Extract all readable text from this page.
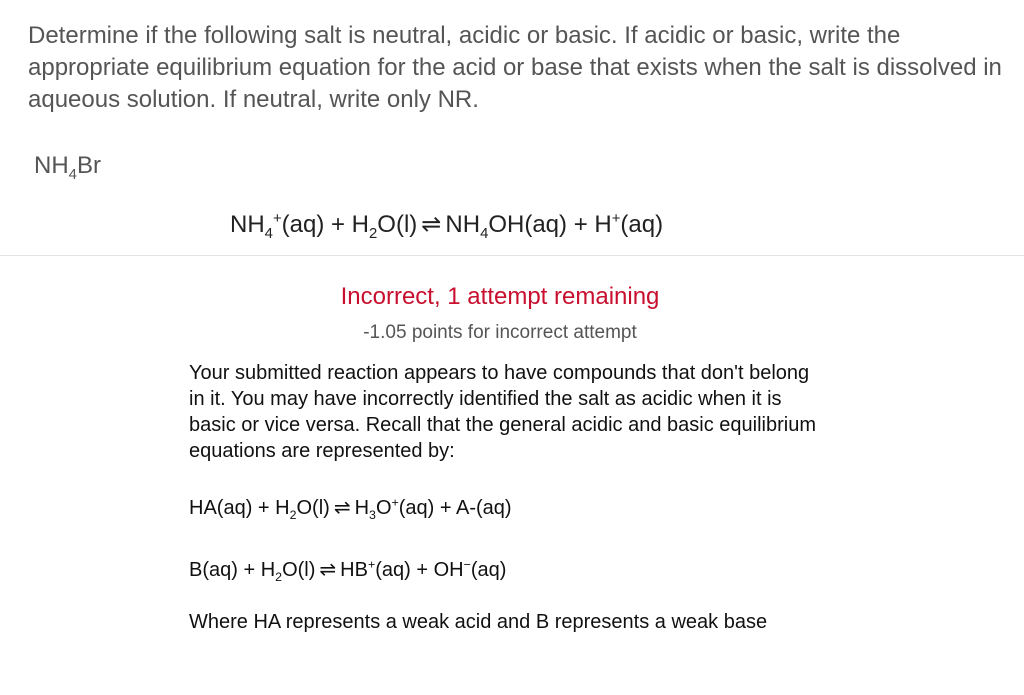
Determine if the following salt is neutral, acidic or basic. If acidic or basic, write the appropriate equilibrium equation for the acid or base that exists when the salt is dissolved in aqueous solution. If neutral, write only NR.
$NH_4Br$
$NH_4^+(aq) + H_2O(l)$ ⇌ $NH_4OH(aq) + H^+(aq)$
Incorrect, 1 attempt remaining
-1.05 points for incorrect attempt
Your submitted reaction appears to have compounds that don't belong in it. You may have incorrectly identified the salt as acidic when it is basic or vice versa. Recall that the general acidic and basic equilibrium equations are represented by:
$HA(aq) + H_2O(l)$ ⇌ $H_3O^+(aq) + A-(aq)$
$B(aq) + H_2O(l)$ ⇌ HB+(aq) + OH−(aq)
Where HA represents a weak acid and B represents a weak base
